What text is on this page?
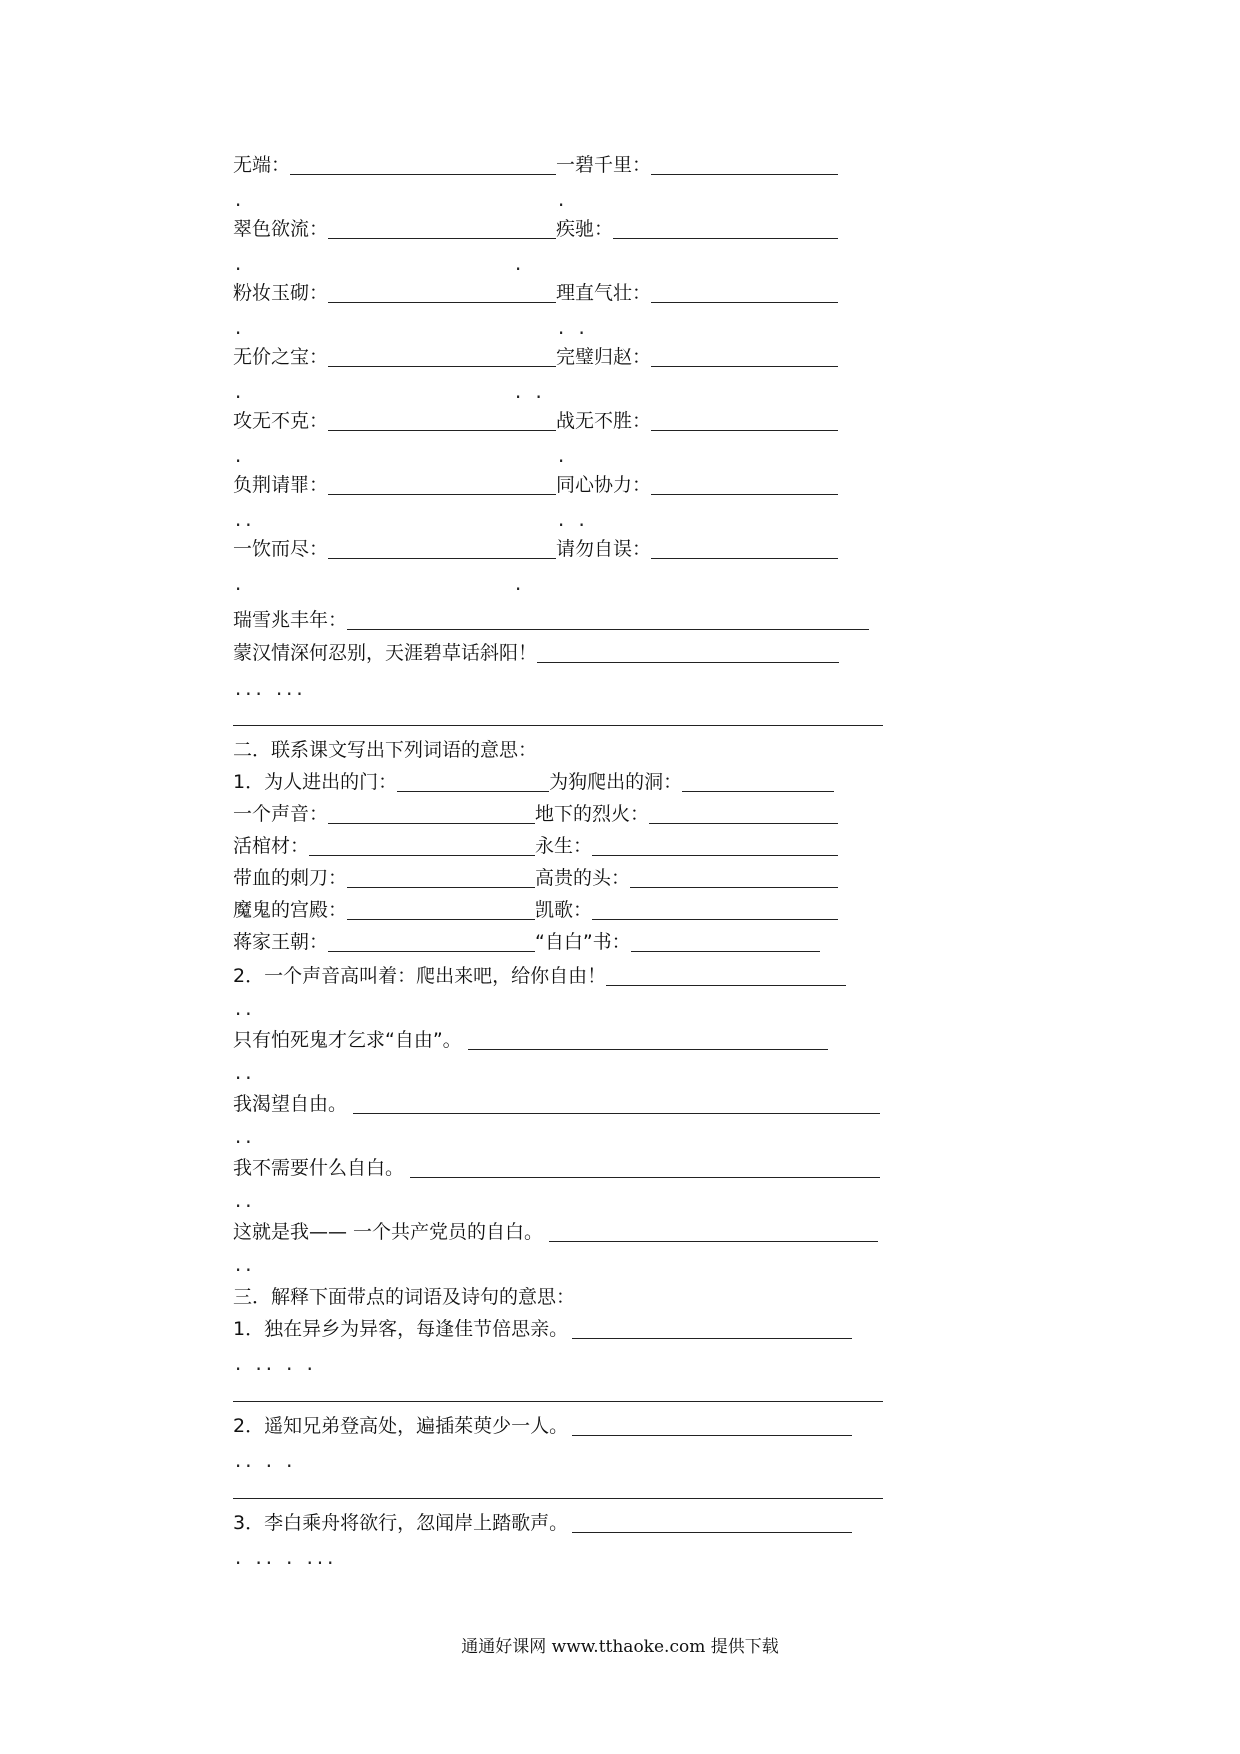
无端：	一碧千里：
.	.
翠色欲流：	疾驰：
.	.
粉妆玉砌：	理直气壮：
.	. .
无价之宝：	完璧归赵：
.	. .
攻无不克：	战无不胜：
.	.
负荆请罪：	同心协力：
..	. .
一饮而尽：	请勿自误：
.	.
瑞雪兆丰年：
蒙汉情深何忍别，天涯碧草话斜阳！
... ...
二．联系课文写出下列词语的意思：
1．为人进出的门：	为狗爬出的洞：
一个声音：	地下的烈火：
活棺材：	永生：
带血的刺刀：	高贵的头：
魔鬼的宫殿：	凯歌：
蒋家王朝：	“自白”书：
2．一个声音高叫着：爬出来吧，给你自由！
..
只有怕死鬼才乞求“自由”。
..
我渴望自由。
..
我不需要什么自白。
..
这就是我—— 一个共产党员的自白。
..
三．解释下面带点的词语及诗句的意思：
1．独在异乡为异客，每逢佳节倍思亲。
. .. . .
2．遥知兄弟登高处，遍插茱萸少一人。
.. . .
3．李白乘舟将欲行，忽闻岸上踏歌声。
. .. . ...
通通好课网 www.tthaoke.com 提供下载
